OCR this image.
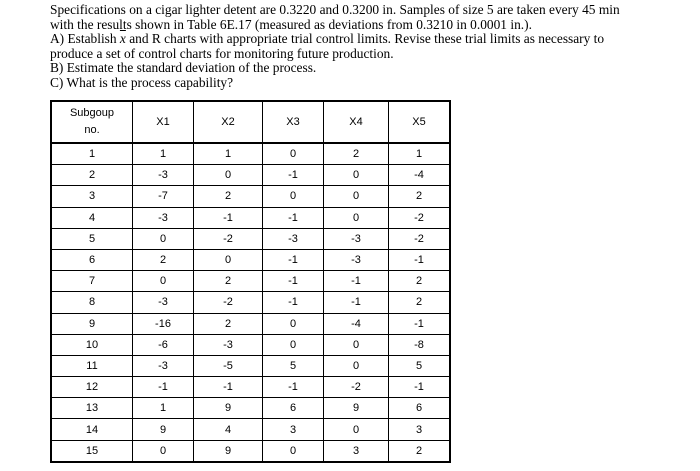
Specifications on a cigar lighter detent are 0.3220 and 0.3200 in. Samples of size 5 are taken every 45 min
with the results shown in Table 6E.17 (measured as deviations from 0.3210 in 0.0001 in.).
A) Establish $\overline{x}$ and R charts with appropriate trial control limits. Revise these trial limits as necessary to
produce a set of control charts for monitoring future production.
B) Estimate the standard deviation of the process.
C) What is the process capability?

Subgoup
no.	X1	X2	X3	X4	X5
1	1	1	0	2	1
2	-3	0	-1	0	-4
3	-7	2	0	0	2
4	-3	-1	-1	0	-2
5	0	-2	-3	-3	-2
6	2	0	-1	-3	-1
7	0	2	-1	-1	2
8	-3	-2	-1	-1	2
9	-16	2	0	-4	-1
10	-6	-3	0	0	-8
11	-3	-5	5	0	5
12	-1	-1	-1	-2	-1
13	1	9	6	9	6
14	9	4	3	0	3
15	0	9	0	3	2
